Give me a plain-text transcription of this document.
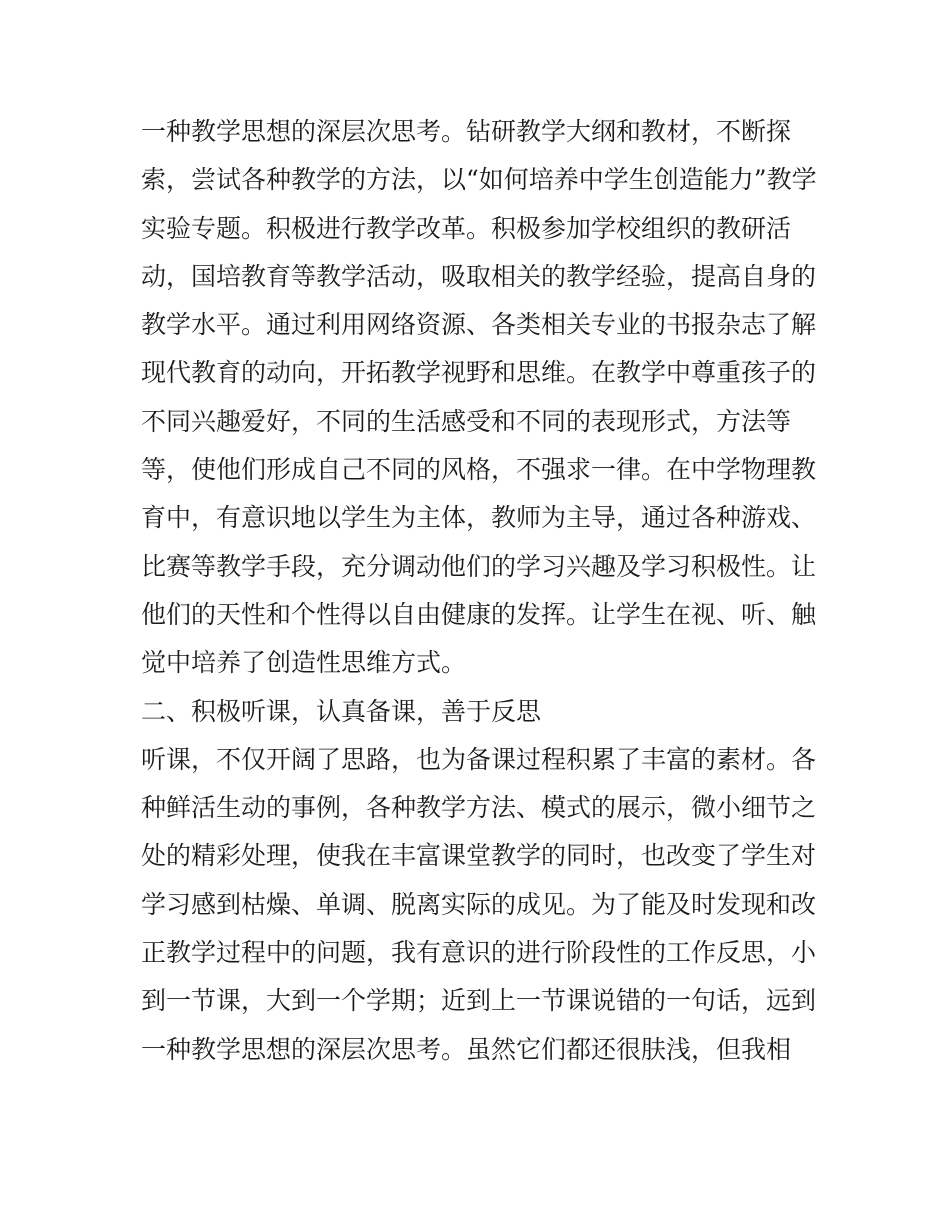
一种教学思想的深层次思考。钻研教学大纲和教材，不断探
索，尝试各种教学的方法，以“如何培养中学生创造能力”教学
实验专题。积极进行教学改革。积极参加学校组织的教研活
动，国培教育等教学活动，吸取相关的教学经验，提高自身的
教学水平。通过利用网络资源、各类相关专业的书报杂志了解
现代教育的动向，开拓教学视野和思维。在教学中尊重孩子的
不同兴趣爱好，不同的生活感受和不同的表现形式，方法等
等，使他们形成自己不同的风格，不强求一律。在中学物理教
育中，有意识地以学生为主体，教师为主导，通过各种游戏、
比赛等教学手段，充分调动他们的学习兴趣及学习积极性。让
他们的天性和个性得以自由健康的发挥。让学生在视、听、触
觉中培养了创造性思维方式。
二、积极听课，认真备课，善于反思
听课，不仅开阔了思路，也为备课过程积累了丰富的素材。各
种鲜活生动的事例，各种教学方法、模式的展示，微小细节之
处的精彩处理，使我在丰富课堂教学的同时，也改变了学生对
学习感到枯燥、单调、脱离实际的成见。为了能及时发现和改
正教学过程中的问题，我有意识的进行阶段性的工作反思，小
到一节课，大到一个学期；近到上一节课说错的一句话，远到
一种教学思想的深层次思考。虽然它们都还很肤浅，但我相
